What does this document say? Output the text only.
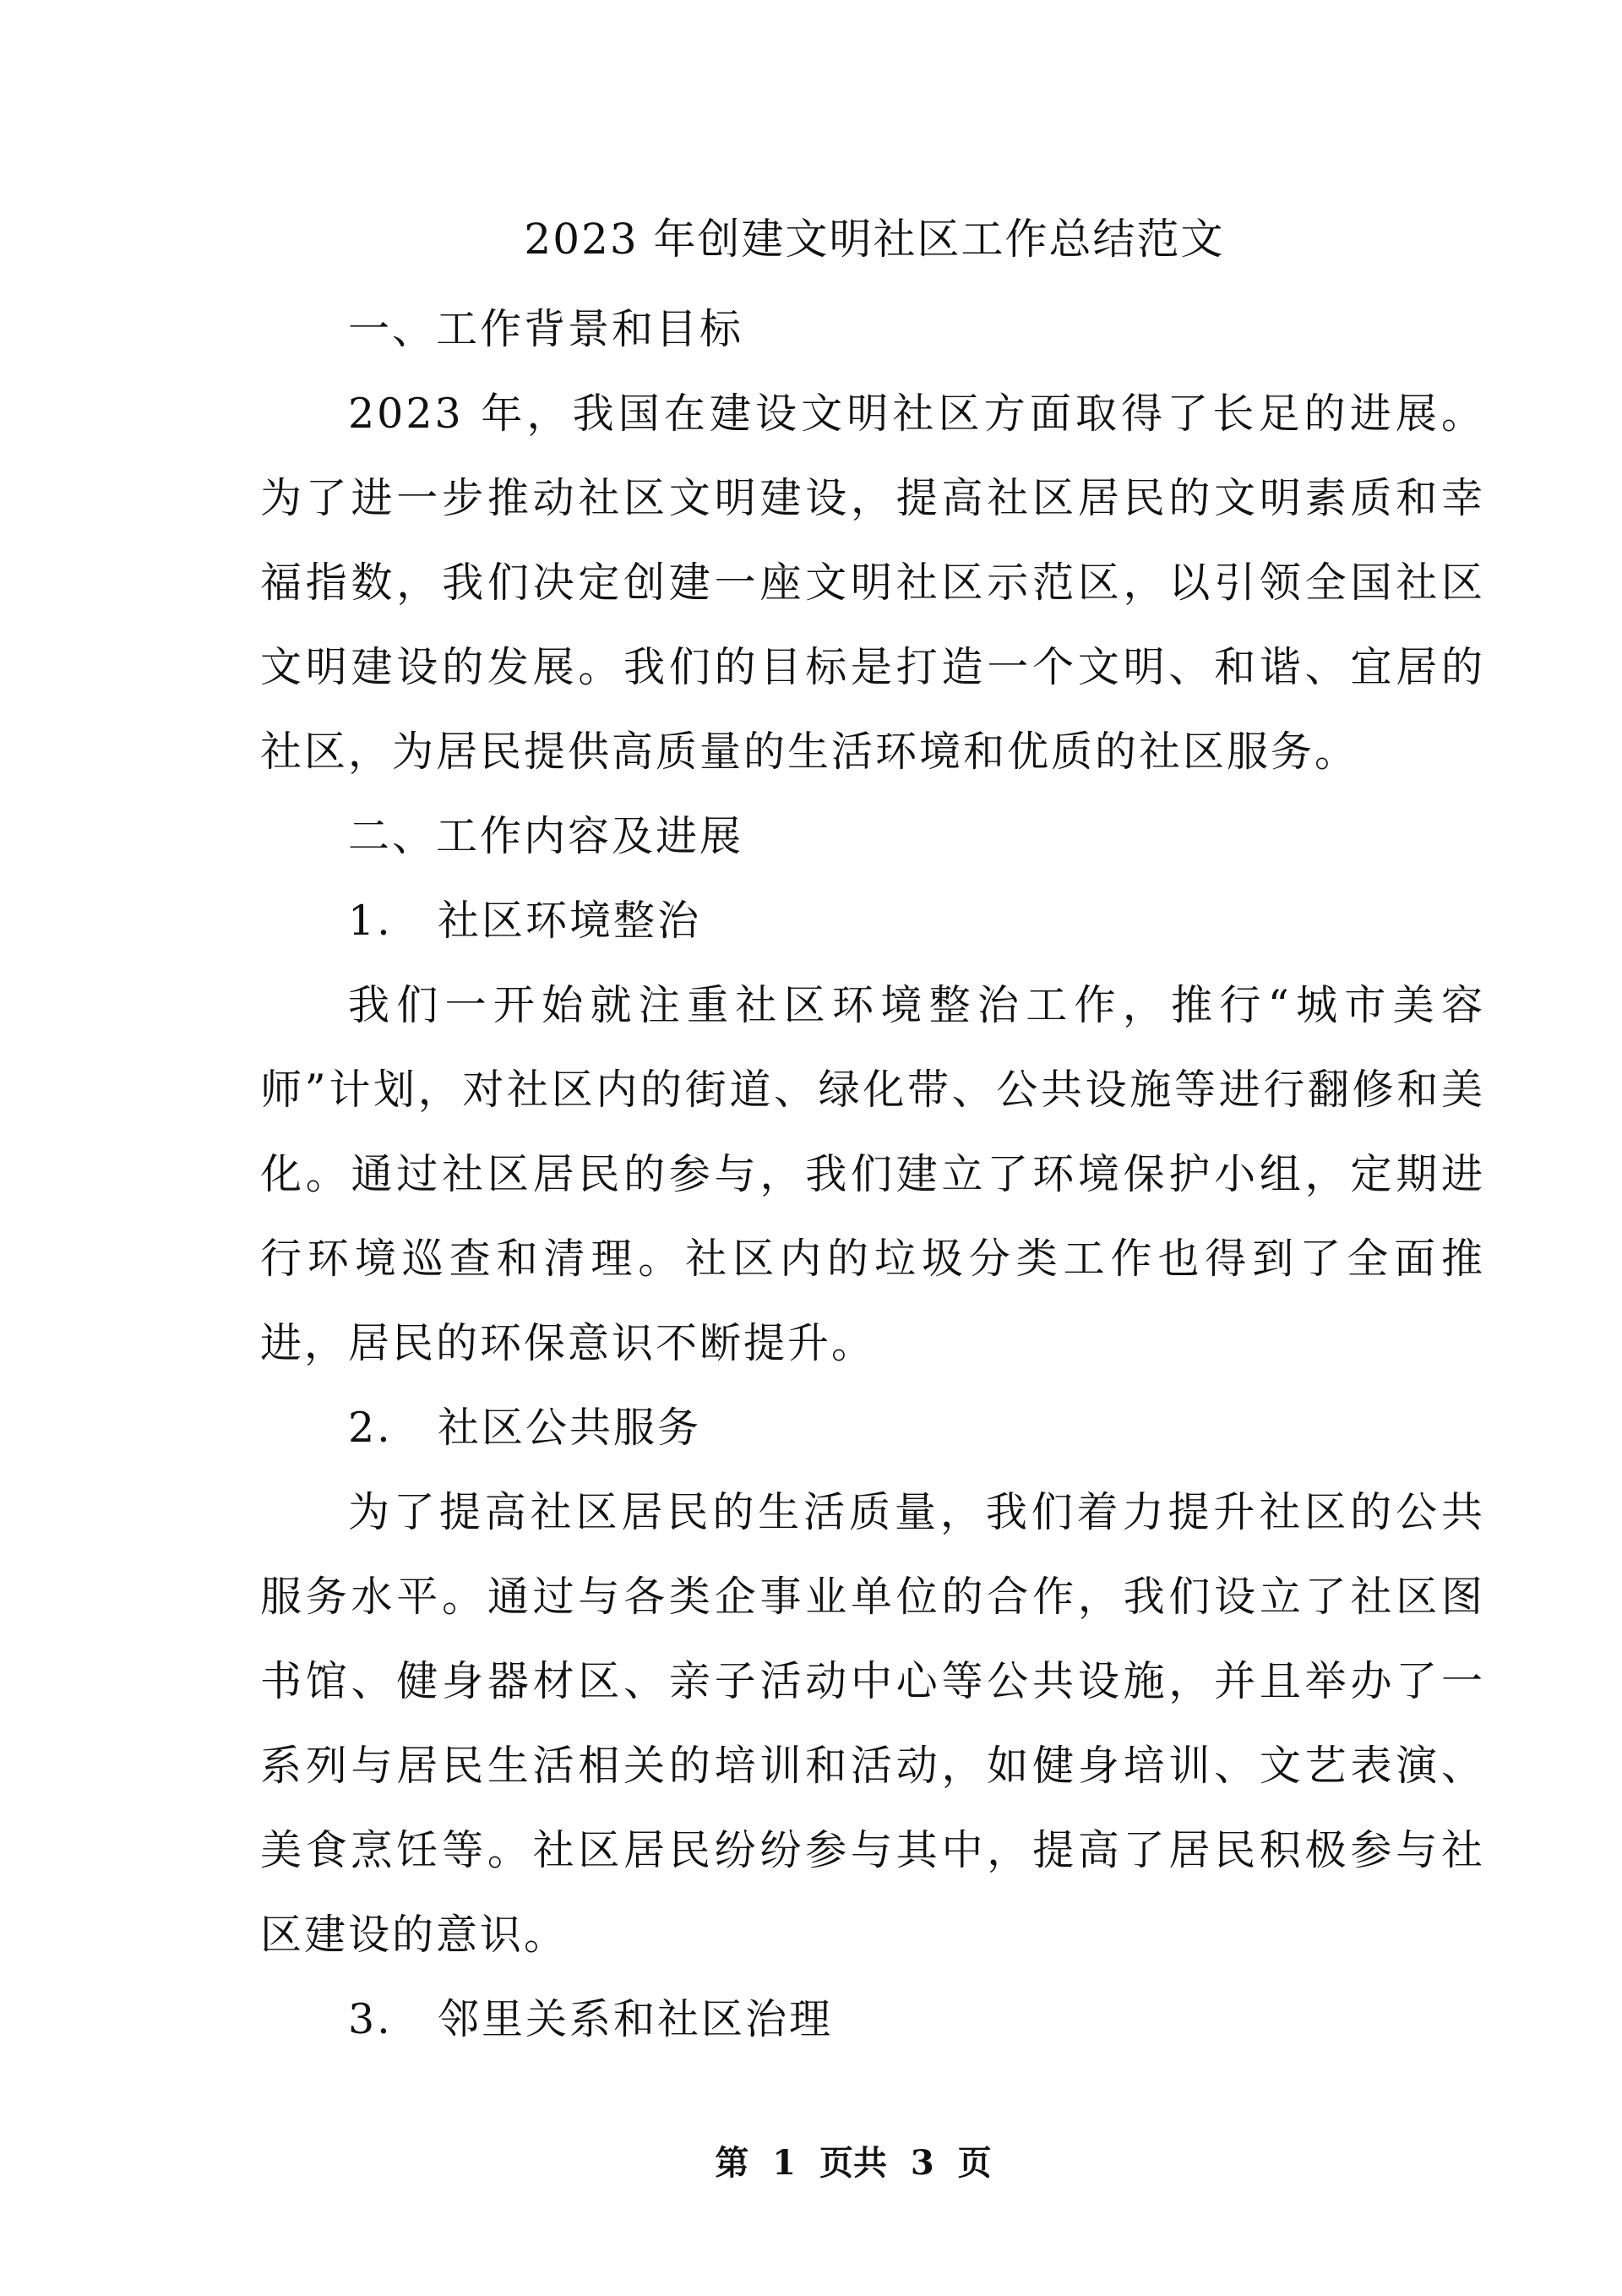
2023 年创建文明社区工作总结范文

一、工作背景和目标

2023 年，我国在建设文明社区方面取得了长足的进展。为了进一步推动社区文明建设，提高社区居民的文明素质和幸福指数，我们决定创建一座文明社区示范区，以引领全国社区文明建设的发展。我们的目标是打造一个文明、和谐、宜居的社区，为居民提供高质量的生活环境和优质的社区服务。

二、工作内容及进展

1. 社区环境整治

我们一开始就注重社区环境整治工作，推行“城市美容师”计划，对社区内的街道、绿化带、公共设施等进行翻修和美化。通过社区居民的参与，我们建立了环境保护小组，定期进行环境巡查和清理。社区内的垃圾分类工作也得到了全面推进，居民的环保意识不断提升。

2. 社区公共服务

为了提高社区居民的生活质量，我们着力提升社区的公共服务水平。通过与各类企事业单位的合作，我们设立了社区图书馆、健身器材区、亲子活动中心等公共设施，并且举办了一系列与居民生活相关的培训和活动，如健身培训、文艺表演、美食烹饪等。社区居民纷纷参与其中，提高了居民积极参与社区建设的意识。

3. 邻里关系和社区治理

第 1 页共 3 页
